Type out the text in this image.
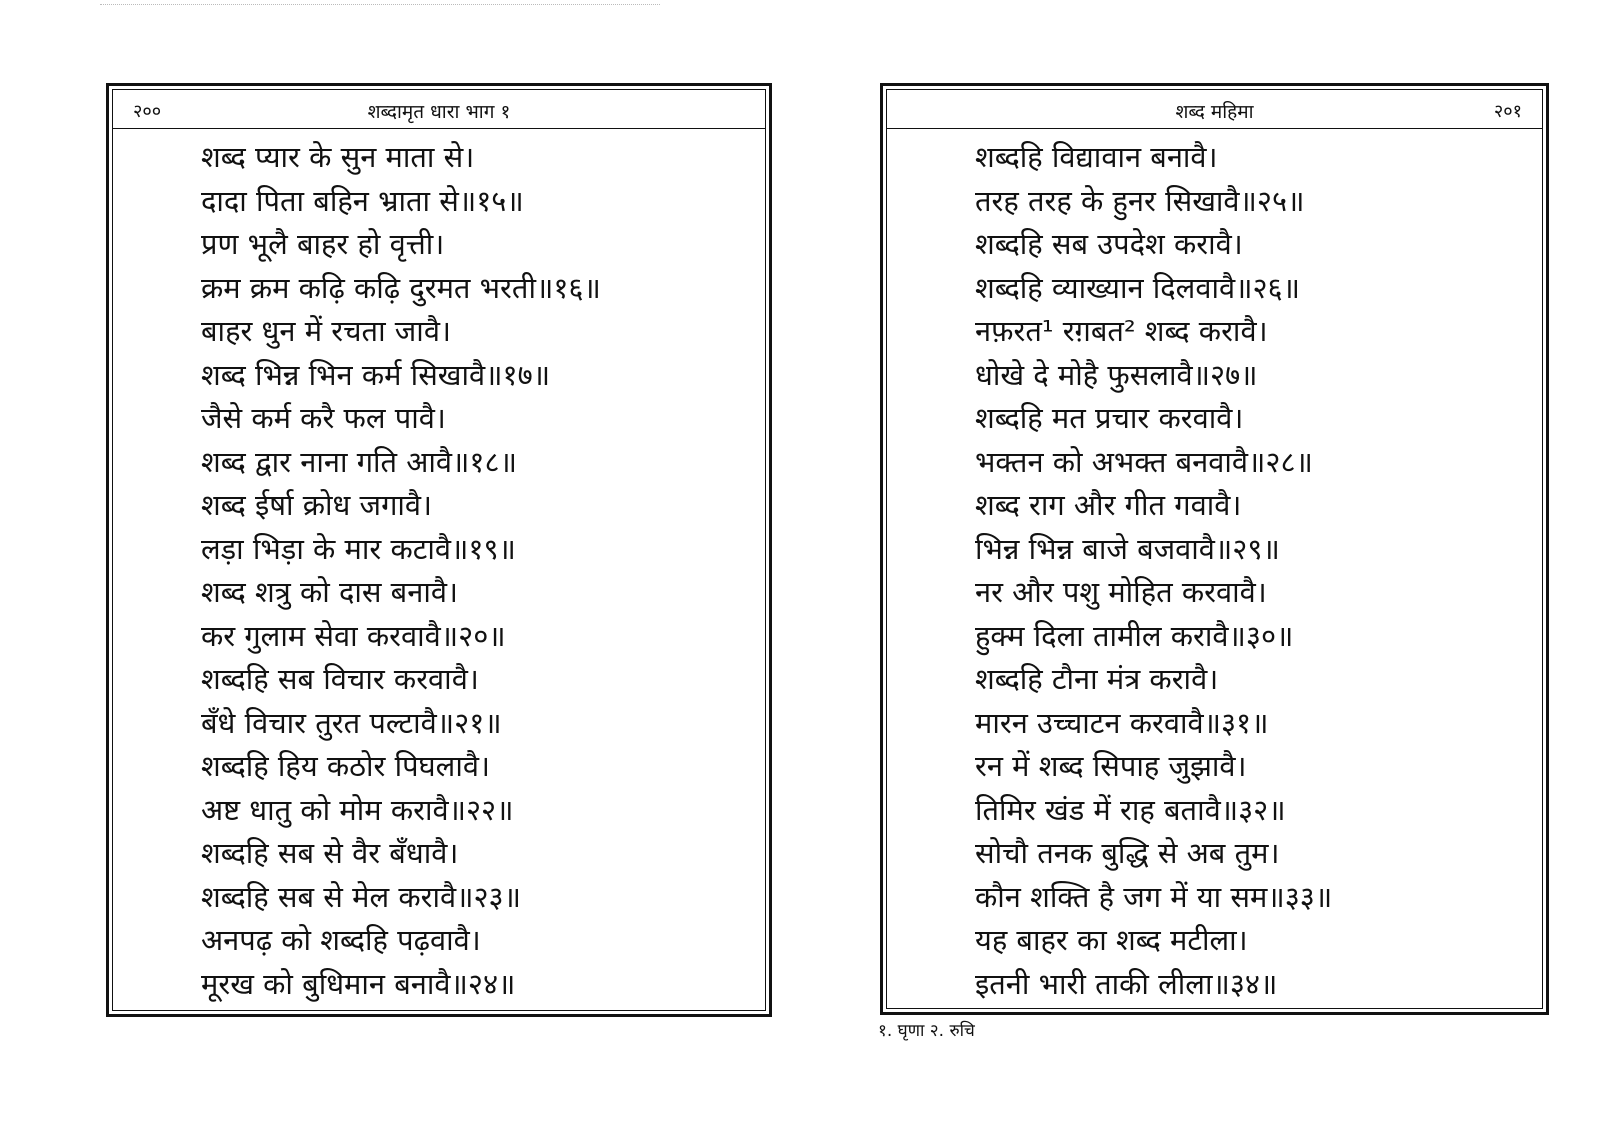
२००	शब्दामृत धारा भाग १
शब्द प्यार के सुन माता से।
दादा पिता बहिन भ्राता से॥१५॥
प्रण भूलै बाहर हो वृत्ती।
क्रम क्रम कढ़ि कढ़ि दुरमत भरती॥१६॥
बाहर धुन में रचता जावै।
शब्द भिन्न भिन कर्म सिखावै॥१७॥
जैसे कर्म करै फल पावै।
शब्द द्वार नाना गति आवै॥१८॥
शब्द ईर्षा क्रोध जगावै।
लड़ा भिड़ा के मार कटावै॥१९॥
शब्द शत्रु को दास बनावै।
कर गुलाम सेवा करवावै॥२०॥
शब्दहि सब विचार करवावै।
बँधे विचार तुरत पल्टावै॥२१॥
शब्दहि हिय कठोर पिघलावै।
अष्ट धातु को मोम करावै॥२२॥
शब्दहि सब से वैर बँधावै।
शब्दहि सब से मेल करावै॥२३॥
अनपढ़ को शब्दहि पढ़वावै।
मूरख को बुधिमान बनावै॥२४॥
शब्द महिमा	२०१
शब्दहि विद्यावान बनावै।
तरह तरह के हुनर सिखावै॥२५॥
शब्दहि सब उपदेश करावै।
शब्दहि व्याख्यान दिलवावै॥२६॥
नफ़रत¹ रग़बत² शब्द करावै।
धोखे दे मोहै फुसलावै॥२७॥
शब्दहि मत प्रचार करवावै।
भक्तन को अभक्त बनवावै॥२८॥
शब्द राग और गीत गवावै।
भिन्न भिन्न बाजे बजवावै॥२९॥
नर और पशु मोहित करवावै।
हुक्म दिला तामील करावै॥३०॥
शब्दहि टौना मंत्र करावै।
मारन उच्चाटन करवावै॥३१॥
रन में शब्द सिपाह जुझावै।
तिमिर खंड में राह बतावै॥३२॥
सोचौ तनक बुद्धि से अब तुम।
कौन शक्ति है जग में या सम॥३३॥
यह बाहर का शब्द मटीला।
इतनी भारी ताकी लीला॥३४॥
१. घृणा २. रुचि
